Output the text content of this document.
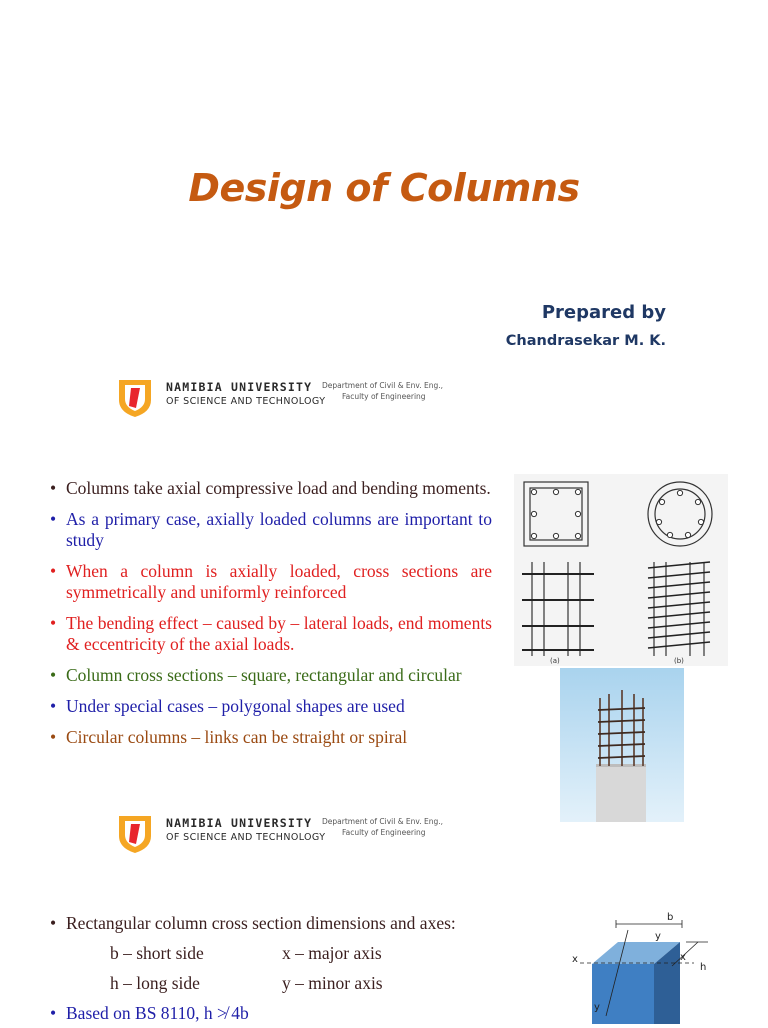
Design of Columns
Prepared by
Chandrasekar M. K.
NAMIBIA UNIVERSITY
OF SCIENCE AND TECHNOLOGY
Department of Civil & Env. Eng.,
Faculty of Engineering
• Columns take axial compressive load and bending moments.
• As a primary case, axially loaded columns are important to study
• When a column is axially loaded, cross sections are symmetrically and uniformly reinforced
• The bending effect – caused by – lateral loads, end moments & eccentricity of the axial loads.
• Column cross sections – square, rectangular and circular
• Under special cases – polygonal shapes are used
• Circular columns – links can be straight or spiral
(a)	(b)
NAMIBIA UNIVERSITY
OF SCIENCE AND TECHNOLOGY
Department of Civil & Env. Eng.,
Faculty of Engineering
• Rectangular column cross section dimensions and axes:
b – short side	x – major axis
h – long side	y – minor axis
• Based on BS 8110, h ≯ 4b
b
y
x	x
h
y
